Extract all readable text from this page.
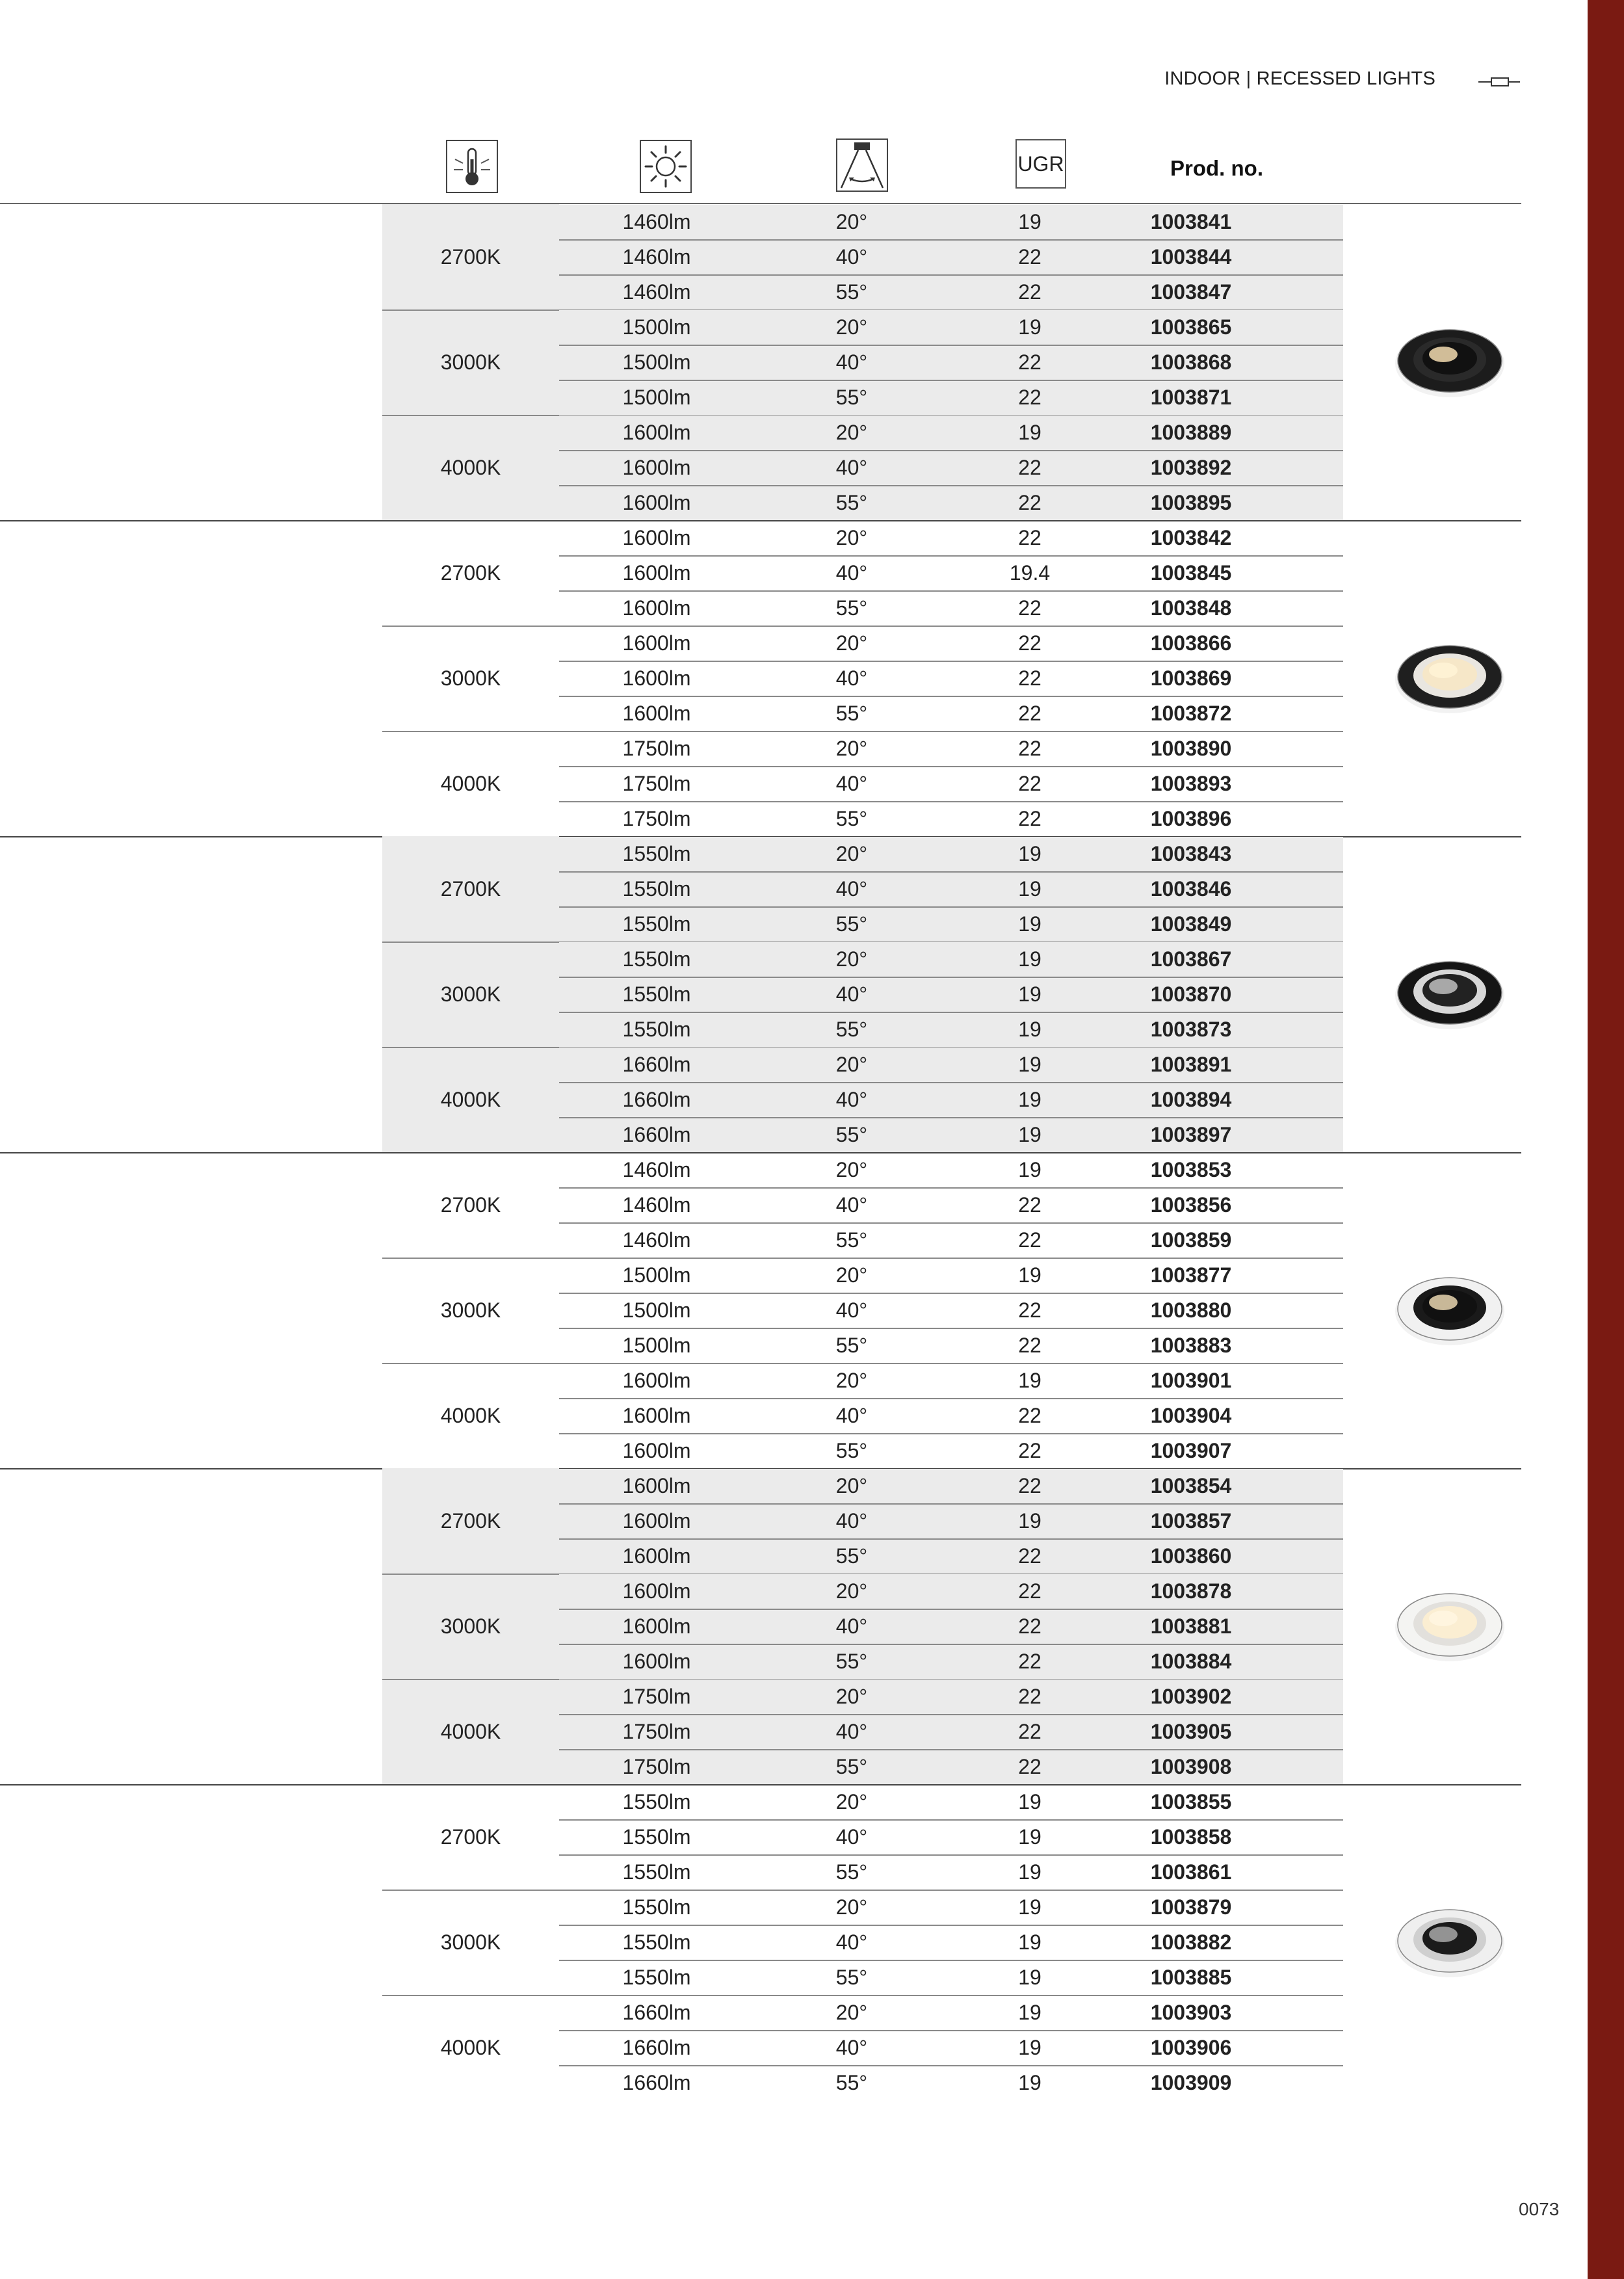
INDOOR | RECESSED LIGHTS
UGR	Prod. no.
2700K
1460lm	20°	19	1003841
1460lm	40°	22	1003844
1460lm	55°	22	1003847
3000K
1500lm	20°	19	1003865
1500lm	40°	22	1003868
1500lm	55°	22	1003871
4000K
1600lm	20°	19	1003889
1600lm	40°	22	1003892
1600lm	55°	22	1003895
2700K
1600lm	20°	22	1003842
1600lm	40°	19.4	1003845
1600lm	55°	22	1003848
3000K
1600lm	20°	22	1003866
1600lm	40°	22	1003869
1600lm	55°	22	1003872
4000K
1750lm	20°	22	1003890
1750lm	40°	22	1003893
1750lm	55°	22	1003896
2700K
1550lm	20°	19	1003843
1550lm	40°	19	1003846
1550lm	55°	19	1003849
3000K
1550lm	20°	19	1003867
1550lm	40°	19	1003870
1550lm	55°	19	1003873
4000K
1660lm	20°	19	1003891
1660lm	40°	19	1003894
1660lm	55°	19	1003897
2700K
1460lm	20°	19	1003853
1460lm	40°	22	1003856
1460lm	55°	22	1003859
3000K
1500lm	20°	19	1003877
1500lm	40°	22	1003880
1500lm	55°	22	1003883
4000K
1600lm	20°	19	1003901
1600lm	40°	22	1003904
1600lm	55°	22	1003907
2700K
1600lm	20°	22	1003854
1600lm	40°	19	1003857
1600lm	55°	22	1003860
3000K
1600lm	20°	22	1003878
1600lm	40°	22	1003881
1600lm	55°	22	1003884
4000K
1750lm	20°	22	1003902
1750lm	40°	22	1003905
1750lm	55°	22	1003908
2700K
1550lm	20°	19	1003855
1550lm	40°	19	1003858
1550lm	55°	19	1003861
3000K
1550lm	20°	19	1003879
1550lm	40°	19	1003882
1550lm	55°	19	1003885
4000K
1660lm	20°	19	1003903
1660lm	40°	19	1003906
1660lm	55°	19	1003909
0073
